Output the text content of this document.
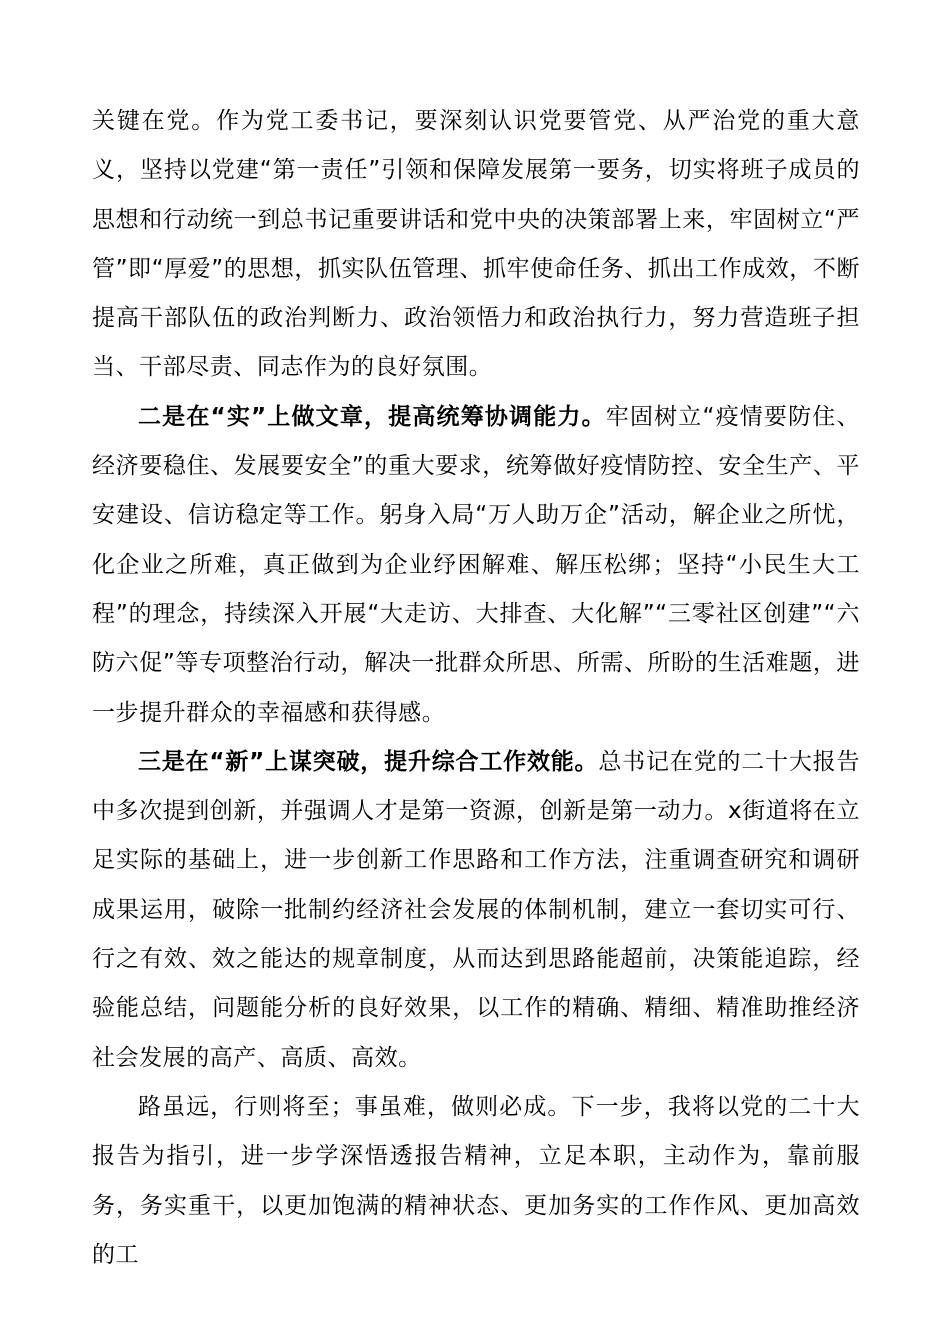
关键在党。作为党工委书记，要深刻认识党要管党、从严治党的重大意义，坚持以党建“第一责任”引领和保障发展第一要务，切实将班子成员的思想和行动统一到总书记重要讲话和党中央的决策部署上来，牢固树立“严管”即“厚爱”的思想，抓实队伍管理、抓牢使命任务、抓出工作成效，不断提高干部队伍的政治判断力、政治领悟力和政治执行力，努力营造班子担当、干部尽责、同志作为的良好氛围。

二是在“实”上做文章，提高统筹协调能力。牢固树立“疫情要防住、经济要稳住、发展要安全”的重大要求，统筹做好疫情防控、安全生产、平安建设、信访稳定等工作。躬身入局“万人助万企”活动，解企业之所忧，化企业之所难，真正做到为企业纾困解难、解压松绑；坚持“小民生大工程”的理念，持续深入开展“大走访、大排查、大化解”“三零社区创建”“六防六促”等专项整治行动，解决一批群众所思、所需、所盼的生活难题，进一步提升群众的幸福感和获得感。

三是在“新”上谋突破，提升综合工作效能。总书记在党的二十大报告中多次提到创新，并强调人才是第一资源，创新是第一动力。x街道将在立足实际的基础上，进一步创新工作思路和工作方法，注重调查研究和调研成果运用，破除一批制约经济社会发展的体制机制，建立一套切实可行、行之有效、效之能达的规章制度，从而达到思路能超前，决策能追踪，经验能总结，问题能分析的良好效果，以工作的精确、精细、精准助推经济社会发展的高产、高质、高效。

路虽远，行则将至；事虽难，做则必成。下一步，我将以党的二十大报告为指引，进一步学深悟透报告精神，立足本职，主动作为，靠前服务，务实重干，以更加饱满的精神状态、更加务实的工作作风、更加高效的工
